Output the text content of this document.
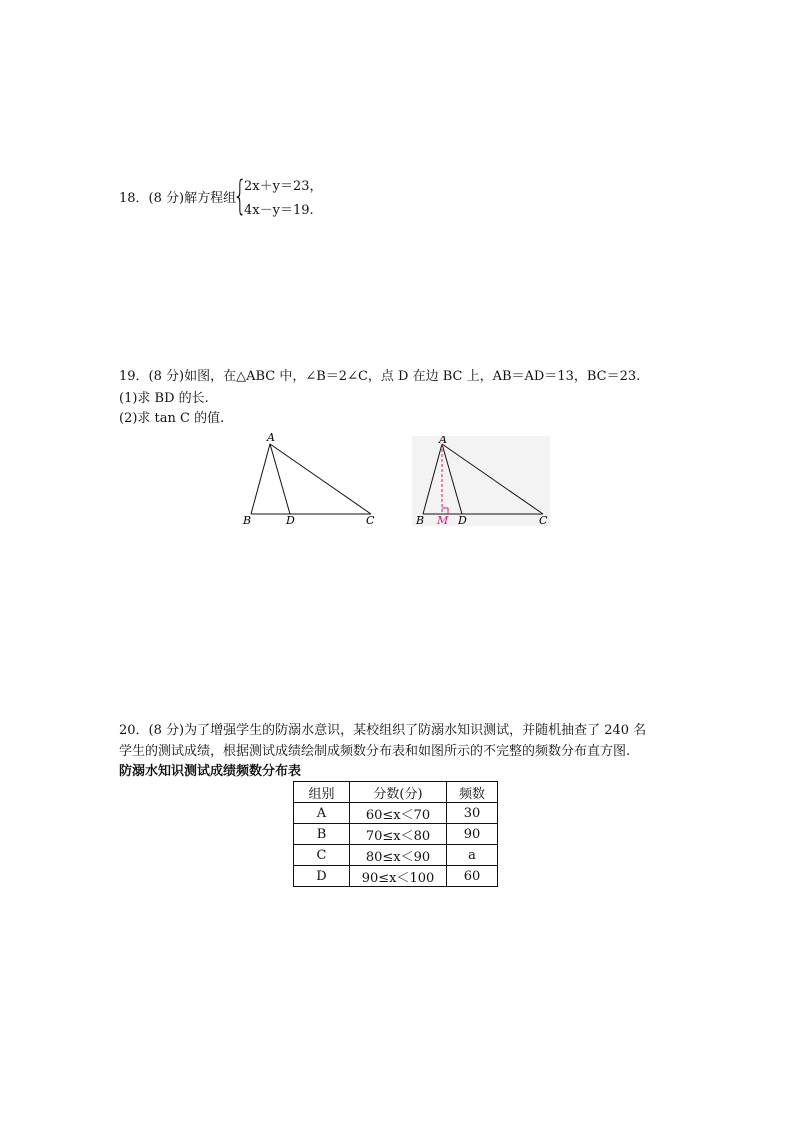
18．(8 分)解方程组
{
2x＋y＝23，
4x－y＝19.
19．(8 分)如图，在△ABC 中，∠B＝2∠C，点 D 在边 BC 上，AB＝AD＝13，BC＝23.
(1)求 BD 的长.
(2)求 tan C 的值.
A
B	D	C
A
B M D	C
20．(8 分)为了增强学生的防溺水意识，某校组织了防溺水知识测试，并随机抽查了 240 名
学生的测试成绩，根据测试成绩绘制成频数分布表和如图所示的不完整的频数分布直方图.
防溺水知识测试成绩频数分布表
组别	分数(分)	频数
A	60≤x＜70	30
B	70≤x＜80	90
C	80≤x＜90	a
D	90≤x＜100	60
